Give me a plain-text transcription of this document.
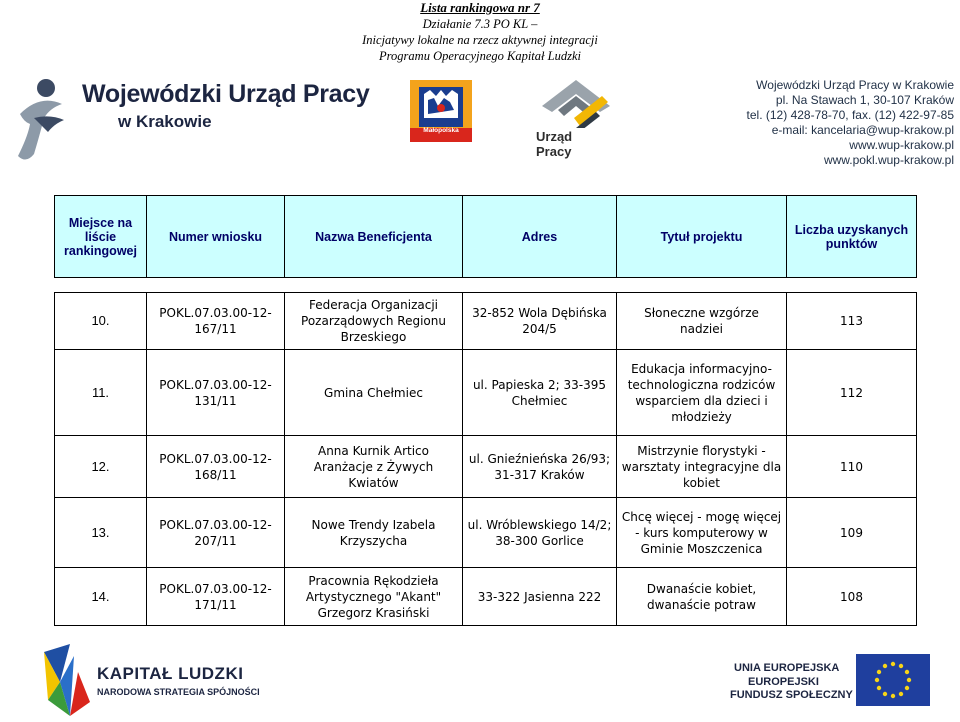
Lista rankingowa nr 7
Działanie 7.3 PO KL –
Inicjatywy lokalne na rzecz aktywnej integracji
Programu Operacyjnego Kapitał Ludzki
Wojewódzki Urząd Pracy
w Krakowie	Małopolska	Urząd Pracy
Wojewódzki Urząd Pracy w Krakowie
pl. Na Stawach 1, 30-107 Kraków
tel. (12) 428-78-70, fax. (12) 422-97-85
e-mail: kancelaria@wup-krakow.pl
www.wup-krakow.pl
www.pokl.wup-krakow.pl
Miejsce na liście rankingowej	Numer wniosku	Nazwa Beneficjenta	Adres	Tytuł projektu	Liczba uzyskanych punktów

10.	POKL.07.03.00-12-167/11	Federacja Organizacji Pozarządowych Regionu Brzeskiego	32-852 Wola Dębińska 204/5	Słoneczne wzgórze nadziei	113
11.	POKL.07.03.00-12-131/11	Gmina Chełmiec	ul. Papieska 2; 33-395 Chełmiec	Edukacja informacyjno-technologiczna rodziców wsparciem dla dzieci i młodzieży	112
12.	POKL.07.03.00-12-168/11	Anna Kurnik Artico Aranżacje z Żywych Kwiatów	ul. Gnieźnieńska 26/93; 31-317 Kraków	Mistrzynie florystyki - warsztaty integracyjne dla kobiet	110
13.	POKL.07.03.00-12-207/11	Nowe Trendy Izabela Krzyszycha	ul. Wróblewskiego 14/2; 38-300 Gorlice	Chcę więcej - mogę więcej - kurs komputerowy w Gminie Moszczenica	109
14.	POKL.07.03.00-12-171/11	Pracownia Rękodzieła Artystycznego "Akant" Grzegorz Krasiński	33-322 Jasienna 222	Dwanaście kobiet, dwanaście potraw	108
KAPITAŁ LUDZKI
NARODOWA STRATEGIA SPÓJNOŚCI
UNIA EUROPEJSKA
EUROPEJSKI
FUNDUSZ SPOŁECZNY
